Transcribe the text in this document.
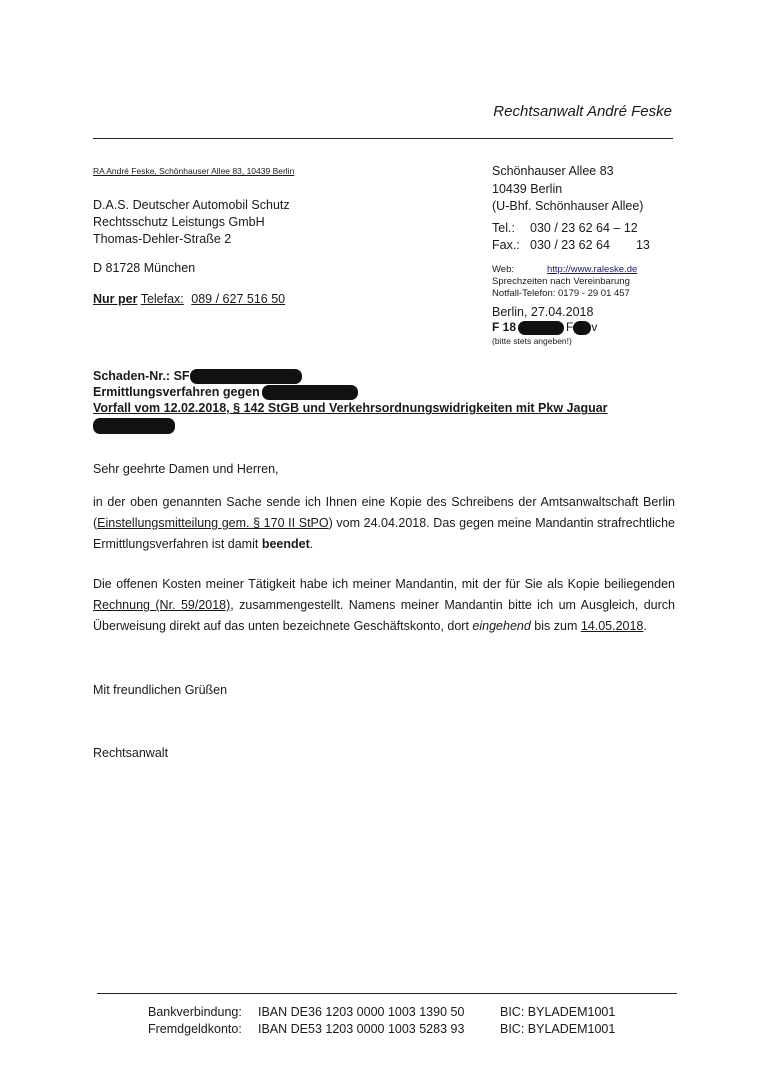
Rechtsanwalt André Feske
RA André Feske, Schönhauser Allee 83, 10439 Berlin
D.A.S. Deutscher Automobil Schutz
Rechtsschutz Leistungs GmbH
Thomas-Dehler-Straße 2
D 81728 München
Nur per Telefax: 089 / 627 516 50
Schönhauser Allee 83
10439 Berlin
(U-Bhf. Schönhauser Allee)
Tel.: 030 / 23 62 64 – 12
Fax.: 030 / 23 62 64 13
Web:	http://www.raleske.de
Sprechzeiten nach Vereinbarung
Notfall-Telefon: 0179 - 29 01 457
Berlin, 27.04.2018
F 18	F v
(bitte stets angeben!)
Schaden-Nr.: SF
Ermittlungsverfahren gegen
Vorfall vom 12.02.2018, § 142 StGB und Verkehrsordnungswidrigkeiten mit Pkw Jaguar
Sehr geehrte Damen und Herren,
in der oben genannten Sache sende ich Ihnen eine Kopie des Schreibens der Amtsanwaltschaft Berlin (Einstellungsmitteilung gem. § 170 II StPO) vom 24.04.2018. Das gegen meine Mandantin strafrechtliche Ermittlungsverfahren ist damit beendet.
Die offenen Kosten meiner Tätigkeit habe ich meiner Mandantin, mit der für Sie als Kopie beiliegenden Rechnung (Nr. 59/2018), zusammengestellt. Namens meiner Mandantin bitte ich um Ausgleich, durch Überweisung direkt auf das unten bezeichnete Geschäftskonto, dort eingehend bis zum 14.05.2018.
Mit freundlichen Grüßen
Rechtsanwalt
Bankverbindung: IBAN DE36 1203 0000 1003 1390 50	BIC: BYLADEM1001
Fremdgeldkonto: IBAN DE53 1203 0000 1003 5283 93	BIC: BYLADEM1001
